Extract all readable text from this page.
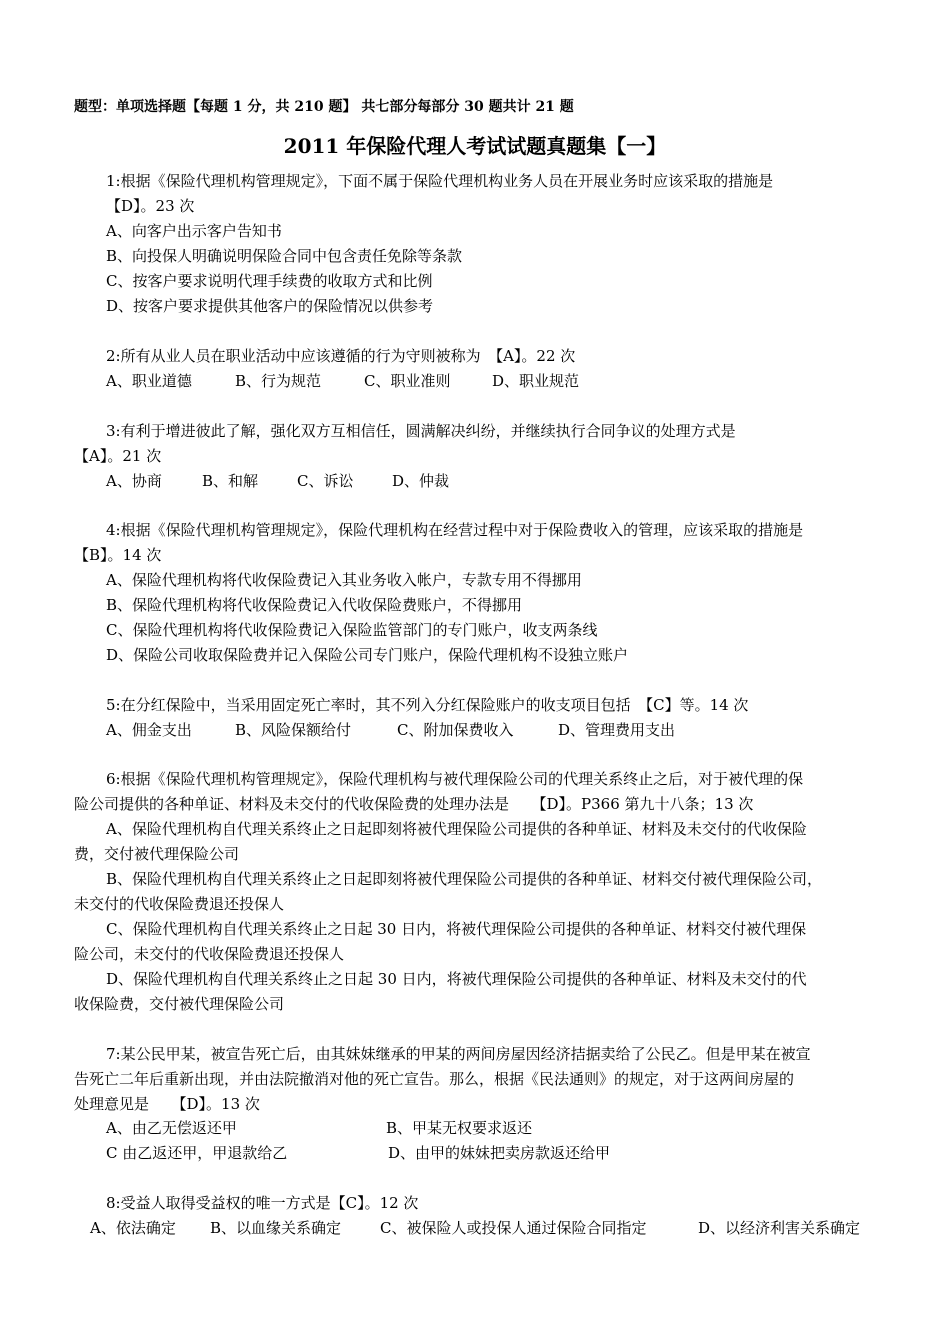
题型：单项选择题【每题 1 分，共 210 题】 共七部分每部分 30 题共计 21 题
2011 年保险代理人考试试题真题集【一】
1:根据《保险代理机构管理规定》，下面不属于保险代理机构业务人员在开展业务时应该采取的措施是
【D】。23 次
A、向客户出示客户告知书
B、向投保人明确说明保险合同中包含责任免除等条款
C、按客户要求说明代理手续费的收取方式和比例
D、按客户要求提供其他客户的保险情况以供参考
2:所有从业人员在职业活动中应该遵循的行为守则被称为　【A】。22 次
A、职业道德	B、行为规范	C、职业准则	D、职业规范
3:有利于增进彼此了解，强化双方互相信任，圆满解决纠纷，并继续执行合同争议的处理方式是
【A】。21 次
A、协商	B、和解	C、诉讼	D、仲裁
4:根据《保险代理机构管理规定》，保险代理机构在经营过程中对于保险费收入的管理，应该采取的措施是
【B】。14 次
A、保险代理机构将代收保险费记入其业务收入帐户，专款专用不得挪用
B、保险代理机构将代收保险费记入代收保险费账户，不得挪用
C、保险代理机构将代收保险费记入保险监管部门的专门账户，收支两条线
D、保险公司收取保险费并记入保险公司专门账户，保险代理机构不设独立账户
5:在分红保险中，当采用固定死亡率时，其不列入分红保险账户的收支项目包括　【C】等。14 次
A、佣金支出	B、风险保额给付	C、附加保费收入	D、管理费用支出
6:根据《保险代理机构管理规定》，保险代理机构与被代理保险公司的代理关系终止之后，对于被代理的保
险公司提供的各种单证、材料及未交付的代收保险费的处理办法是　　【D】。P366 第九十八条；13 次
A、保险代理机构自代理关系终止之日起即刻将被代理保险公司提供的各种单证、材料及未交付的代收保险
费，交付被代理保险公司
B、保险代理机构自代理关系终止之日起即刻将被代理保险公司提供的各种单证、材料交付被代理保险公司，
未交付的代收保险费退还投保人
C、保险代理机构自代理关系终止之日起 30 日内，将被代理保险公司提供的各种单证、材料交付被代理保
险公司，未交付的代收保险费退还投保人
D、保险代理机构自代理关系终止之日起 30 日内，将被代理保险公司提供的各种单证、材料及未交付的代
收保险费，交付被代理保险公司
7:某公民甲某，被宣告死亡后，由其妹妹继承的甲某的两间房屋因经济拮据卖给了公民乙。但是甲某在被宣
告死亡二年后重新出现，并由法院撤消对他的死亡宣告。那么，根据《民法通则》的规定，对于这两间房屋的
处理意见是　　【D】。13 次
A、由乙无偿返还甲	B、甲某无权要求返还
C 由乙返还甲，甲退款给乙	D、由甲的妹妹把卖房款返还给甲
8:受益人取得受益权的唯一方式是【C】。12 次
A、依法确定 B、以血缘关系确定	C、被保险人或投保人通过保险合同指定	D、以经济利害关系确定
